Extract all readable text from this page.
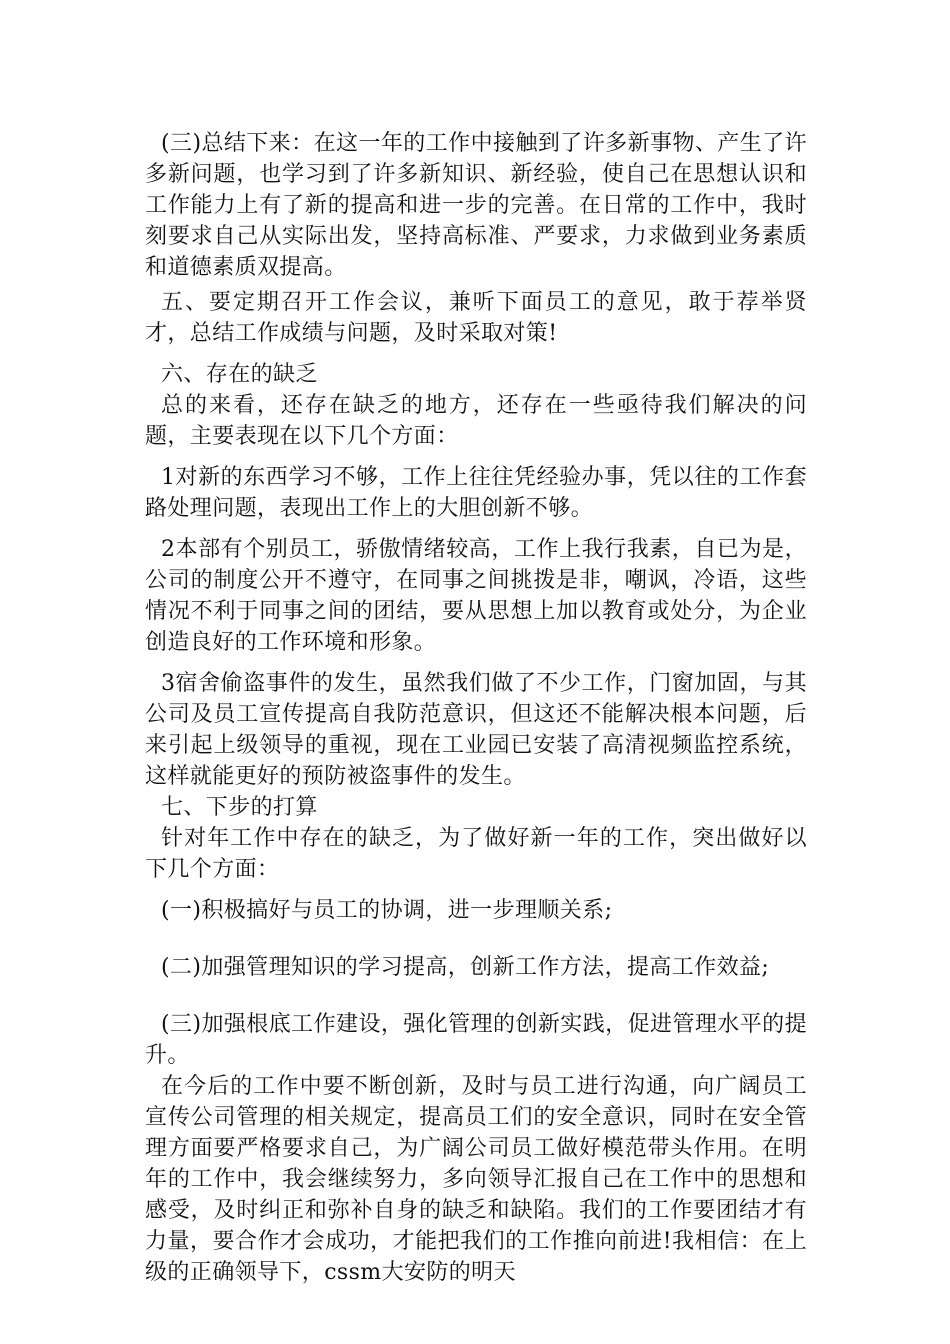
(三)总结下来：在这一年的工作中接触到了许多新事物、产生了许多新问题，也学习到了许多新知识、新经验，使自己在思想认识和工作能力上有了新的提高和进一步的完善。在日常的工作中，我时刻要求自己从实际出发，坚持高标准、严要求，力求做到业务素质和道德素质双提高。

五、要定期召开工作会议，兼听下面员工的意见，敢于荐举贤才，总结工作成绩与问题，及时采取对策!

六、存在的缺乏

总的来看，还存在缺乏的地方，还存在一些亟待我们解决的问题，主要表现在以下几个方面：

1对新的东西学习不够，工作上往往凭经验办事，凭以往的工作套路处理问题，表现出工作上的大胆创新不够。

2本部有个别员工，骄傲情绪较高，工作上我行我素，自已为是，公司的制度公开不遵守，在同事之间挑拨是非，嘲讽，冷语，这些情况不利于同事之间的团结，要从思想上加以教育或处分，为企业创造良好的工作环境和形象。

3宿舍偷盗事件的发生，虽然我们做了不少工作，门窗加固，与其公司及员工宣传提高自我防范意识，但这还不能解决根本问题，后来引起上级领导的重视，现在工业园已安装了高清视频监控系统，这样就能更好的预防被盗事件的发生。

七、下步的打算

针对年工作中存在的缺乏，为了做好新一年的工作，突出做好以下几个方面：

(一)积极搞好与员工的协调，进一步理顺关系;

(二)加强管理知识的学习提高，创新工作方法，提高工作效益;

(三)加强根底工作建设，强化管理的创新实践，促进管理水平的提升。

在今后的工作中要不断创新，及时与员工进行沟通，向广阔员工宣传公司管理的相关规定，提高员工们的安全意识，同时在安全管理方面要严格要求自己，为广阔公司员工做好模范带头作用。在明年的工作中，我会继续努力，多向领导汇报自己在工作中的思想和感受，及时纠正和弥补自身的缺乏和缺陷。我们的工作要团结才有力量，要合作才会成功，才能把我们的工作推向前进!我相信：在上级的正确领导下，cssm大安防的明天
